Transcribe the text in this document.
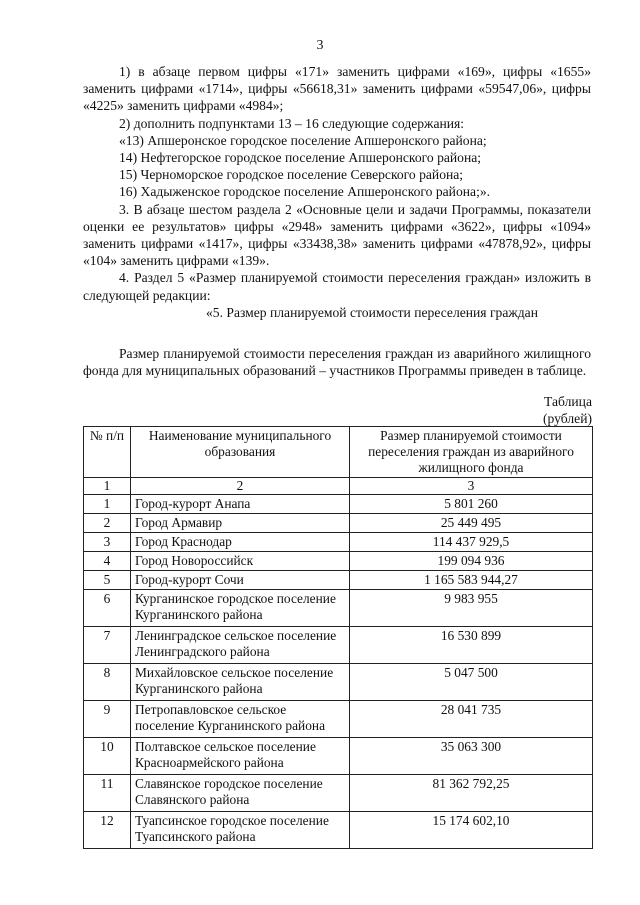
3

1) в абзаце первом цифры «171» заменить цифрами «169», цифры «1655» заменить цифрами «1714», цифры «56618,31» заменить цифрами «59547,06», цифры «4225» заменить цифрами «4984»;

2) дополнить подпунктами 13 – 16 следующие содержания:

«13) Апшеронское городское поселение Апшеронского района;

14) Нефтегорское городское поселение Апшеронского района;

15) Черноморское городское поселение Северского района;

16) Хадыженское городское поселение Апшеронского района;».

3. В абзаце шестом раздела 2 «Основные цели и задачи Программы, показатели оценки ее результатов» цифры «2948» заменить цифрами «3622», цифры «1094» заменить цифрами «1417», цифры «33438,38» заменить цифрами «47878,92», цифры «104» заменить цифрами «139».

4. Раздел 5 «Размер планируемой стоимости переселения граждан» изложить в следующей редакции:

«5. Размер планируемой стоимости переселения граждан

Размер планируемой стоимости переселения граждан из аварийного жилищного фонда для муниципальных образований – участников Программы приведен в таблице.

Таблица
(рублей)
№ п/п	Наименование муниципального образования	Размер планируемой стоимости переселения граждан из аварийного жилищного фонда
1	2	3
1	Город-курорт Анапа	5 801 260
2	Город Армавир	25 449 495
3	Город Краснодар	114 437 929,5
4	Город Новороссийск	199 094 936
5	Город-курорт Сочи	1 165 583 944,27
6	Курганинское городское поселение Курганинского района	9 983 955
7	Ленинградское сельское поселение Ленинградского района	16 530 899
8	Михайловское сельское поселение Курганинского района	5 047 500
9	Петропавловское сельское поселение Курганинского района	28 041 735
10	Полтавское сельское поселение Красноармейского района	35 063 300
11	Славянское городское поселение Славянского района	81 362 792,25
12	Туапсинское городское поселение Туапсинского района	15 174 602,10
